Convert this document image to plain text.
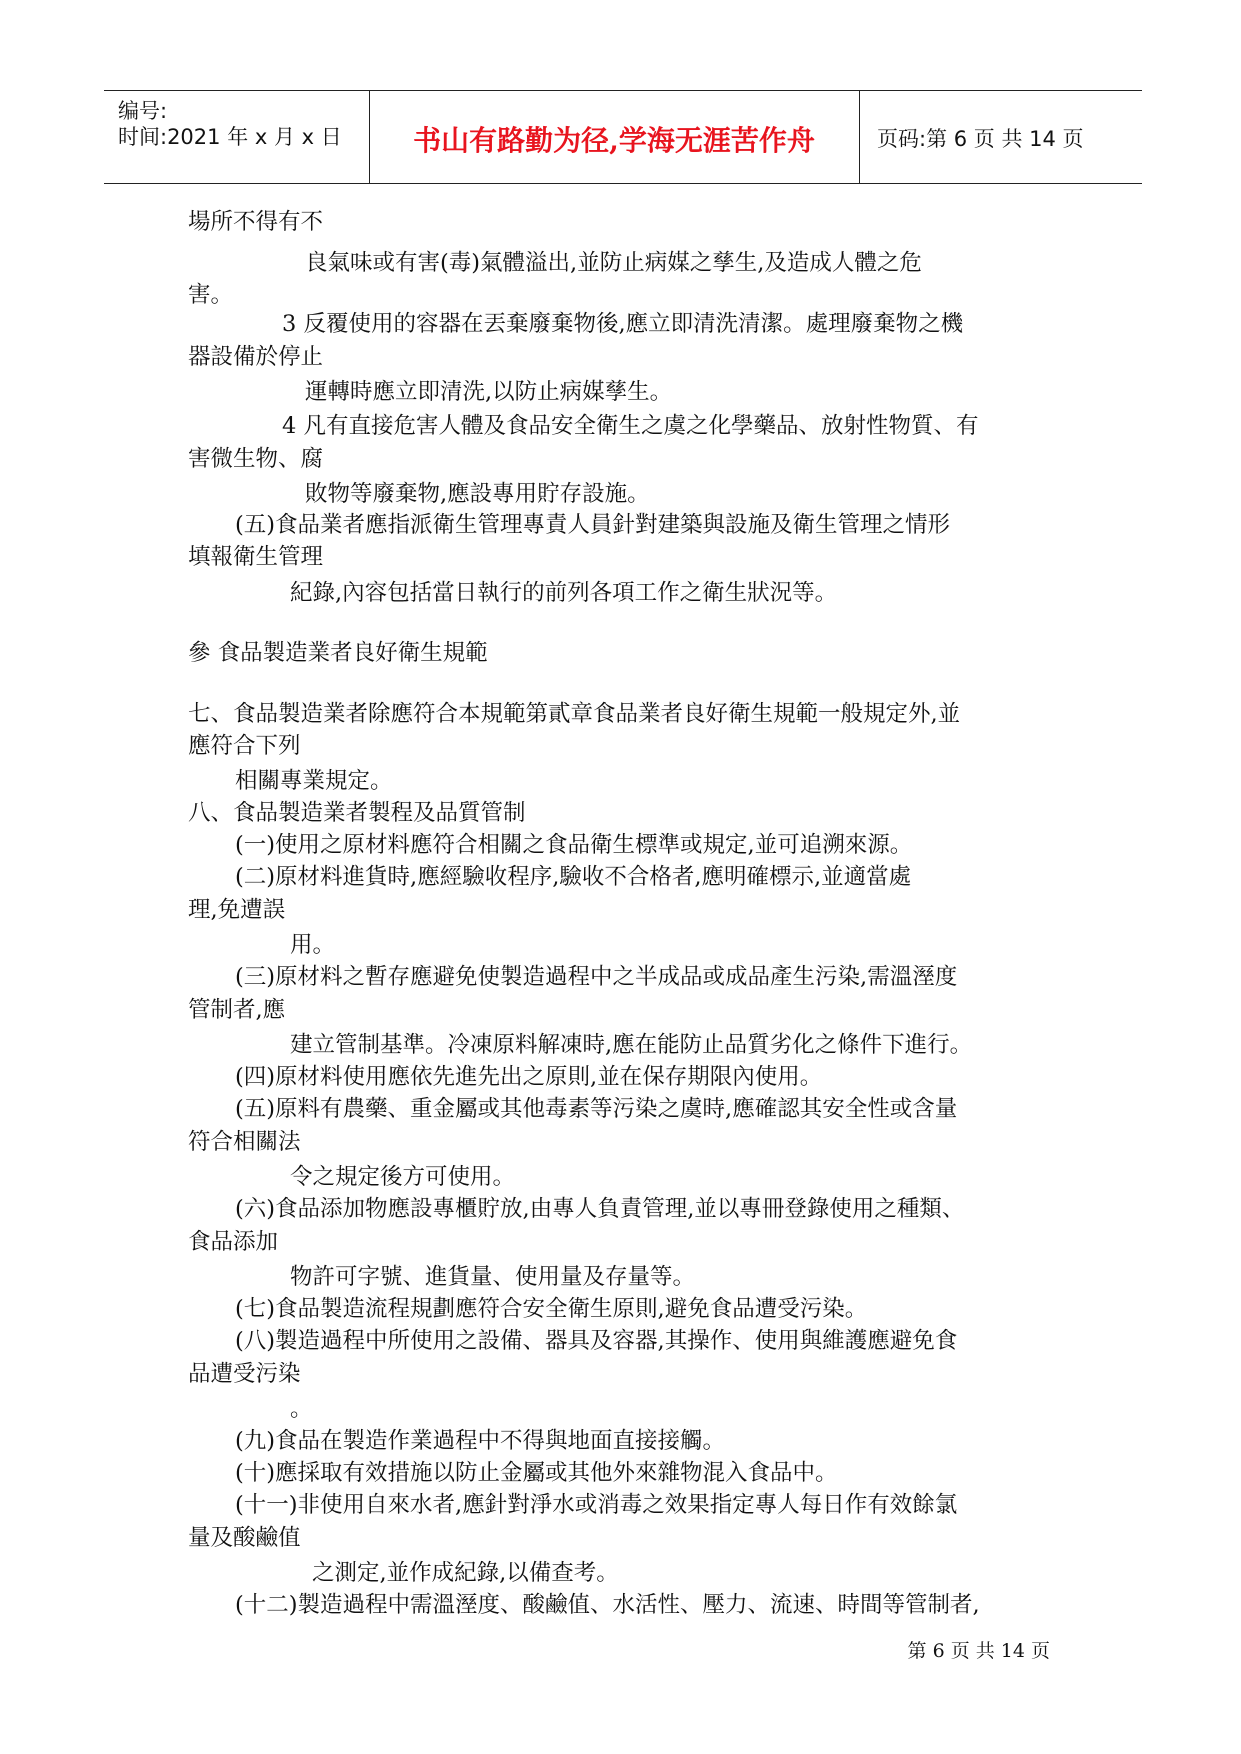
编号:
时间:2021 年 x 月 x 日	书山有路勤为径,学海无涯苦作舟	页码:第 6 页 共 14 页
場所不得有不
良氣味或有害(毒)氣體溢出,並防止病媒之孳生,及造成人體之危
害。
3 反覆使用的容器在丟棄廢棄物後,應立即清洗清潔。處理廢棄物之機
器設備於停止
運轉時應立即清洗,以防止病媒孳生。
4 凡有直接危害人體及食品安全衛生之虞之化學藥品、放射性物質、有
害微生物、腐
敗物等廢棄物,應設專用貯存設施。
(五)食品業者應指派衛生管理專責人員針對建築與設施及衛生管理之情形
填報衛生管理
紀錄,內容包括當日執行的前列各項工作之衛生狀況等。
參 食品製造業者良好衛生規範
七、食品製造業者除應符合本規範第貳章食品業者良好衛生規範一般規定外,並
應符合下列
相關專業規定。
八、食品製造業者製程及品質管制
(一)使用之原材料應符合相關之食品衛生標準或規定,並可追溯來源。
(二)原材料進貨時,應經驗收程序,驗收不合格者,應明確標示,並適當處
理,免遭誤
用。
(三)原材料之暫存應避免使製造過程中之半成品或成品產生污染,需溫溼度
管制者,應
建立管制基準。冷凍原料解凍時,應在能防止品質劣化之條件下進行。
(四)原材料使用應依先進先出之原則,並在保存期限內使用。
(五)原料有農藥、重金屬或其他毒素等污染之虞時,應確認其安全性或含量
符合相關法
令之規定後方可使用。
(六)食品添加物應設專櫃貯放,由專人負責管理,並以專冊登錄使用之種類、
食品添加
物許可字號、進貨量、使用量及存量等。
(七)食品製造流程規劃應符合安全衛生原則,避免食品遭受污染。
(八)製造過程中所使用之設備、器具及容器,其操作、使用與維護應避免食
品遭受污染
。
(九)食品在製造作業過程中不得與地面直接接觸。
(十)應採取有效措施以防止金屬或其他外來雜物混入食品中。
(十一)非使用自來水者,應針對淨水或消毒之效果指定專人每日作有效餘氯
量及酸鹼值
之測定,並作成紀錄,以備查考。
(十二)製造過程中需溫溼度、酸鹼值、水活性、壓力、流速、時間等管制者,
第 6 页 共 14 页
